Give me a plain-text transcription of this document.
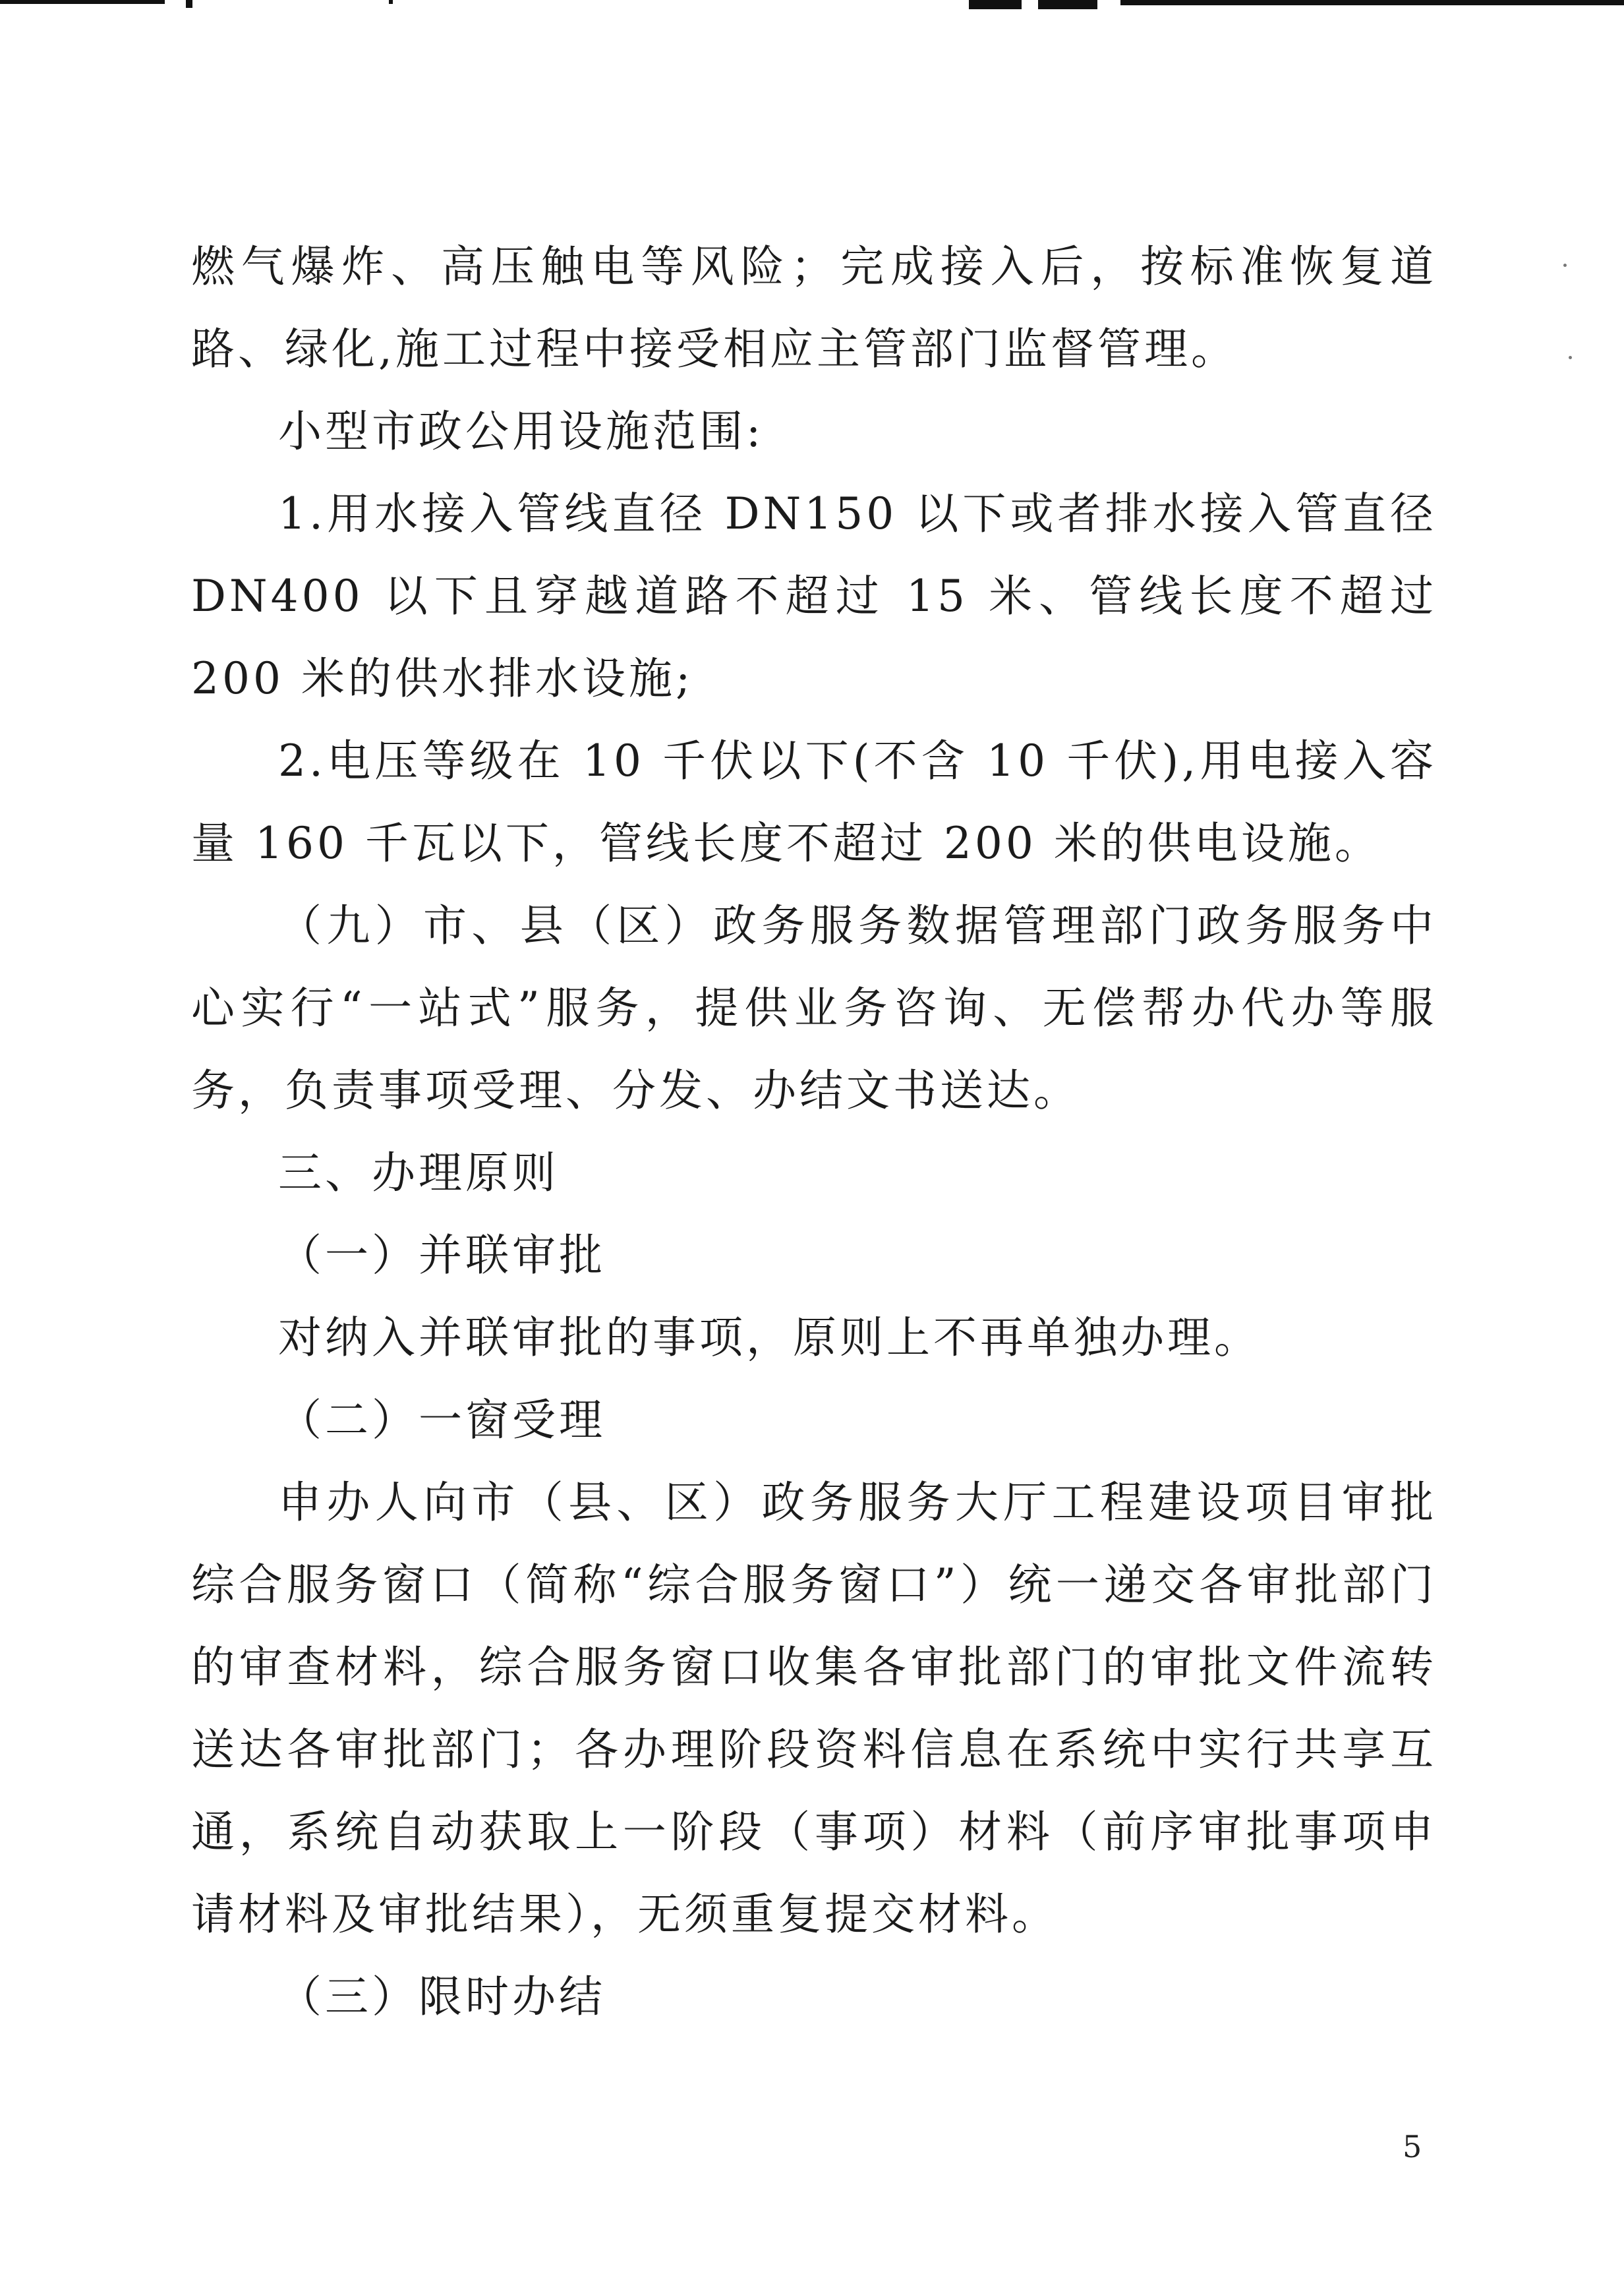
燃气爆炸、高压触电等风险；完成接入后，按标准恢复道路、绿化,施工过程中接受相应主管部门监督管理。

小型市政公用设施范围:

1.用水接入管线直径 DN150 以下或者排水接入管直径 DN400 以下且穿越道路不超过 15 米、管线长度不超过 200 米的供水排水设施;

2.电压等级在 10 千伏以下(不含 10 千伏),用电接入容量 160 千瓦以下，管线长度不超过 200 米的供电设施。

（九）市、县（区）政务服务数据管理部门政务服务中心实行“一站式”服务，提供业务咨询、无偿帮办代办等服务，负责事项受理、分发、办结文书送达。

三、办理原则

（一）并联审批

对纳入并联审批的事项，原则上不再单独办理。

（二）一窗受理

申办人向市（县、区）政务服务大厅工程建设项目审批综合服务窗口（简称“综合服务窗口”）统一递交各审批部门的审查材料，综合服务窗口收集各审批部门的审批文件流转送达各审批部门；各办理阶段资料信息在系统中实行共享互通，系统自动获取上一阶段（事项）材料（前序审批事项申请材料及审批结果），无须重复提交材料。

（三）限时办结

5
